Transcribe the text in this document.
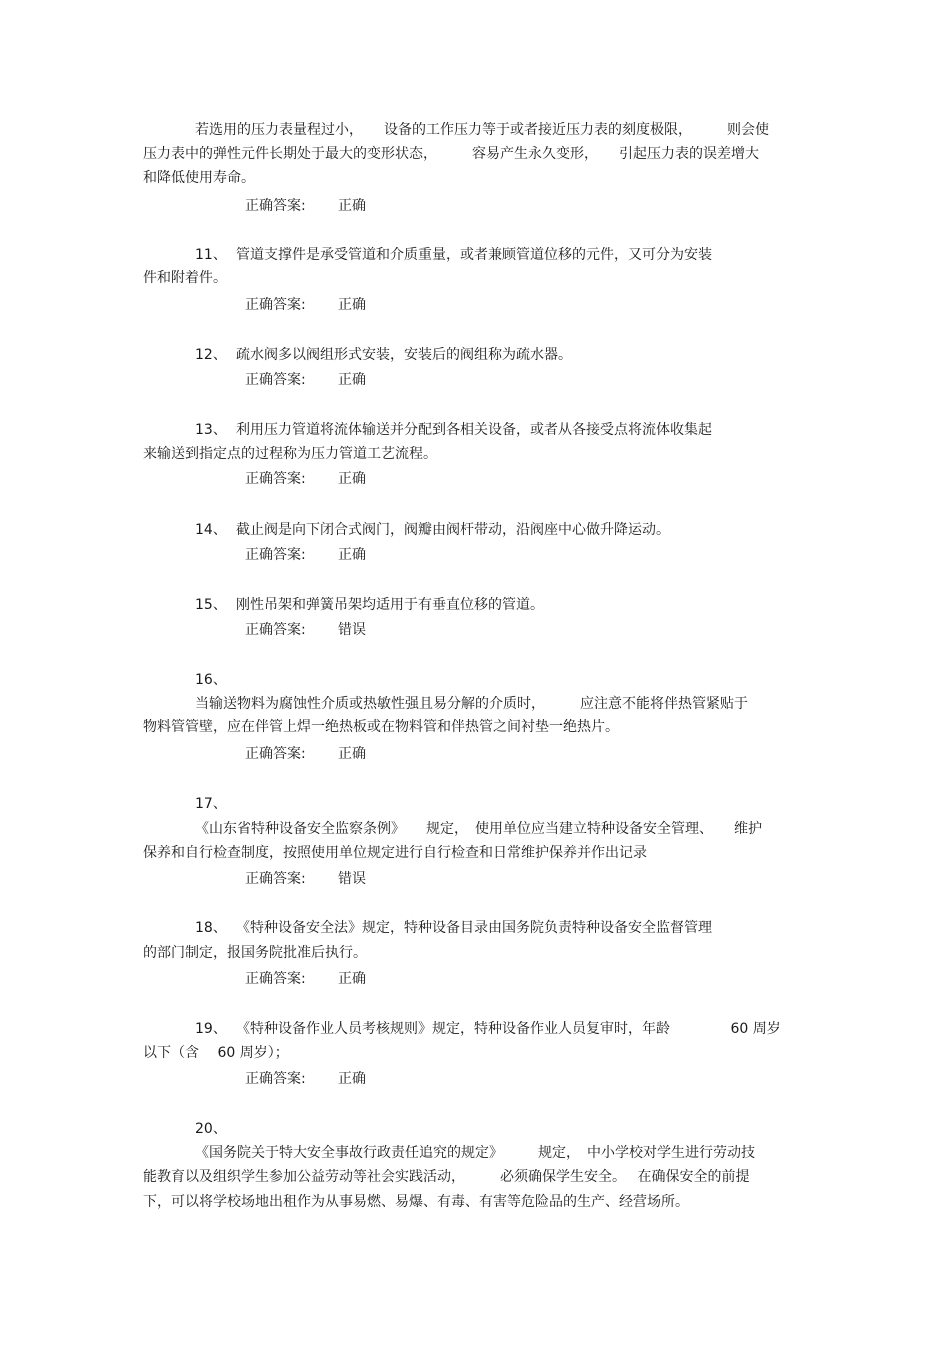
若选用的压力表量程过小，　　设备的工作压力等于或者接近压力表的刻度极限，　　　则会使
压力表中的弹性元件长期处于最大的变形状态，　　　容易产生永久变形，　　引起压力表的误差增大
和降低使用寿命。
正确答案: 正确
11、 管道支撑件是承受管道和介质重量，或者兼顾管道位移的元件，又可分为安装
件和附着件。
正确答案: 正确
12、 疏水阀多以阀组形式安装，安装后的阀组称为疏水器。
正确答案: 正确
13、 利用压力管道将流体输送并分配到各相关设备，或者从各接受点将流体收集起
来输送到指定点的过程称为压力管道工艺流程。
正确答案: 正确
14、 截止阀是向下闭合式阀门，阀瓣由阀杆带动，沿阀座中心做升降运动。
正确答案: 正确
15、 刚性吊架和弹簧吊架均适用于有垂直位移的管道。
正确答案: 错误
16、
当输送物料为腐蚀性介质或热敏性强且易分解的介质时，　　　应注意不能将伴热管紧贴于
物料管管壁，应在伴管上焊一绝热板或在物料管和伴热管之间衬垫一绝热片。
正确答案: 正确
17、
《山东省特种设备安全监察条例》　　规定，　使用单位应当建立特种设备安全管理、　　维护
保养和自行检查制度，按照使用单位规定进行自行检查和日常维护保养并作出记录
正确答案: 错误
18、 《特种设备安全法》规定，特种设备目录由国务院负责特种设备安全监督管理
的部门制定，报国务院批准后执行。
正确答案: 正确
19、 《特种设备作业人员考核规则》规定，特种设备作业人员复审时，年龄　　　　 60 周岁
以下（含　 60 周岁）；
正确答案: 正确
20、
《国务院关于特大安全事故行政责任追究的规定》　　　规定，　中小学校对学生进行劳动技
能教育以及组织学生参加公益劳动等社会实践活动，　　　必须确保学生安全。　 在确保安全的前提
下，可以将学校场地出租作为从事易燃、易爆、有毒、有害等危险品的生产、经营场所。
